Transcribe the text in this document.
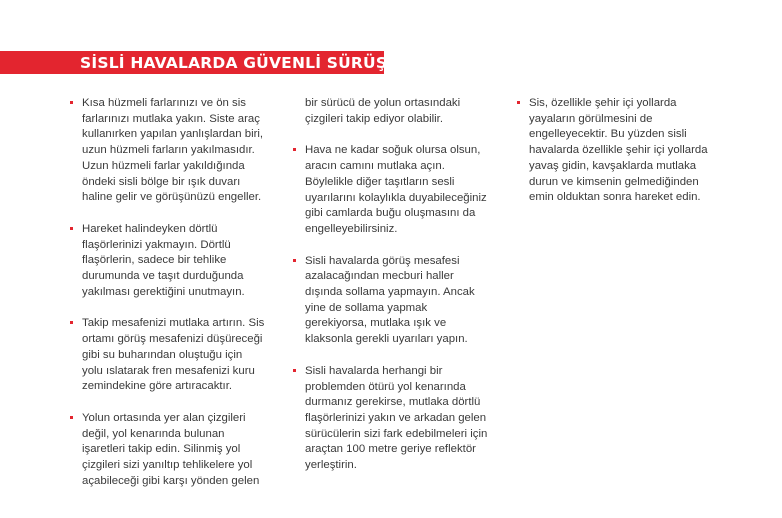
SİSLİ HAVALARDA GÜVENLİ SÜRÜŞ
Kısa hüzmeli farlarınızı ve ön sis
farlarınızı mutlaka yakın. Siste araç
kullanırken yapılan yanlışlardan biri,
uzun hüzmeli farların yakılmasıdır.
Uzun hüzmeli farlar yakıldığında
öndeki sisli bölge bir ışık duvarı
haline gelir ve görüşünüzü engeller.
Hareket halindeyken dörtlü
flaşörlerinizi yakmayın. Dörtlü
flaşörlerin, sadece bir tehlike
durumunda ve taşıt durduğunda
yakılması gerektiğini unutmayın.
Takip mesafenizi mutlaka artırın. Sis
ortamı görüş mesafenizi düşüreceği
gibi su buharından oluştuğu için
yolu ıslatarak fren mesafenizi kuru
zemindekine göre artıracaktır.
Yolun ortasında yer alan çizgileri
değil, yol kenarında bulunan
işaretleri takip edin. Silinmiş yol
çizgileri sizi yanıltıp tehlikelere yol
açabileceği gibi karşı yönden gelen
bir sürücü de yolun ortasındaki
çizgileri takip ediyor olabilir.
Hava ne kadar soğuk olursa olsun,
aracın camını mutlaka açın.
Böylelikle diğer taşıtların sesli
uyarılarını kolaylıkla duyabileceğiniz
gibi camlarda buğu oluşmasını da
engelleyebilirsiniz.
Sisli havalarda görüş mesafesi
azalacağından mecburi haller
dışında sollama yapmayın. Ancak
yine de sollama yapmak
gerekiyorsa, mutlaka ışık ve
klaksonla gerekli uyarıları yapın.
Sisli havalarda herhangi bir
problemden ötürü yol kenarında
durmanız gerekirse, mutlaka dörtlü
flaşörlerinizi yakın ve arkadan gelen
sürücülerin sizi fark edebilmeleri için
araçtan 100 metre geriye reflektör
yerleştirin.
Sis, özellikle şehir içi yollarda
yayaların görülmesini de
engelleyecektir. Bu yüzden sisli
havalarda özellikle şehir içi yollarda
yavaş gidin, kavşaklarda mutlaka
durun ve kimsenin gelmediğinden
emin olduktan sonra hareket edin.
